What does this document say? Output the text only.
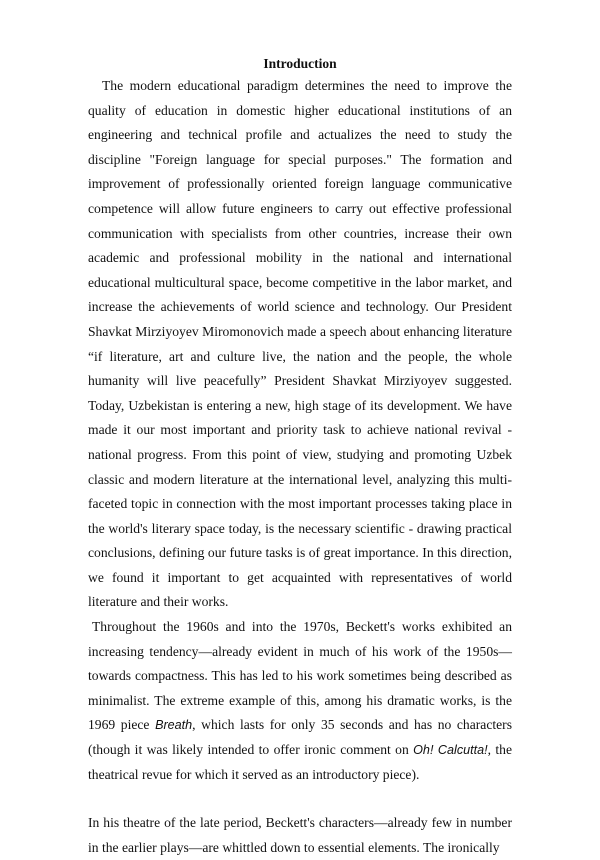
Introduction

The modern educational paradigm determines the need to improve the quality of education in domestic higher educational institutions of an engineering and technical profile and actualizes the need to study the discipline "Foreign language for special purposes." The formation and improvement of professionally oriented foreign language communicative competence will allow future engineers to carry out effective professional communication with specialists from other countries, increase their own academic and professional mobility in the national and international educational multicultural space, become competitive in the labor market, and increase the achievements of world science and technology. Our President Shavkat Mirziyoyev Miromonovich made a speech about enhancing literature “if literature, art and culture live, the nation and the people, the whole humanity will live peacefully” President Shavkat Mirziyoyev suggested. Today, Uzbekistan is entering a new, high stage of its development. We have made it our most important and priority task to achieve national revival - national progress. From this point of view, studying and promoting Uzbek classic and modern literature at the international level, analyzing this multi-faceted topic in connection with the most important processes taking place in the world's literary space today, is the necessary scientific - drawing practical conclusions, defining our future tasks is of great importance. In this direction, we found it important to get acquainted with representatives of world literature and their works.

Throughout the 1960s and into the 1970s, Beckett's works exhibited an increasing tendency—already evident in much of his work of the 1950s—towards compactness. This has led to his work sometimes being described as minimalist. The extreme example of this, among his dramatic works, is the 1969 piece Breath, which lasts for only 35 seconds and has no characters (though it was likely intended to offer ironic comment on Oh! Calcutta!, the theatrical revue for which it served as an introductory piece).

In his theatre of the late period, Beckett's characters—already few in number in the earlier plays—are whittled down to essential elements. The ironically
